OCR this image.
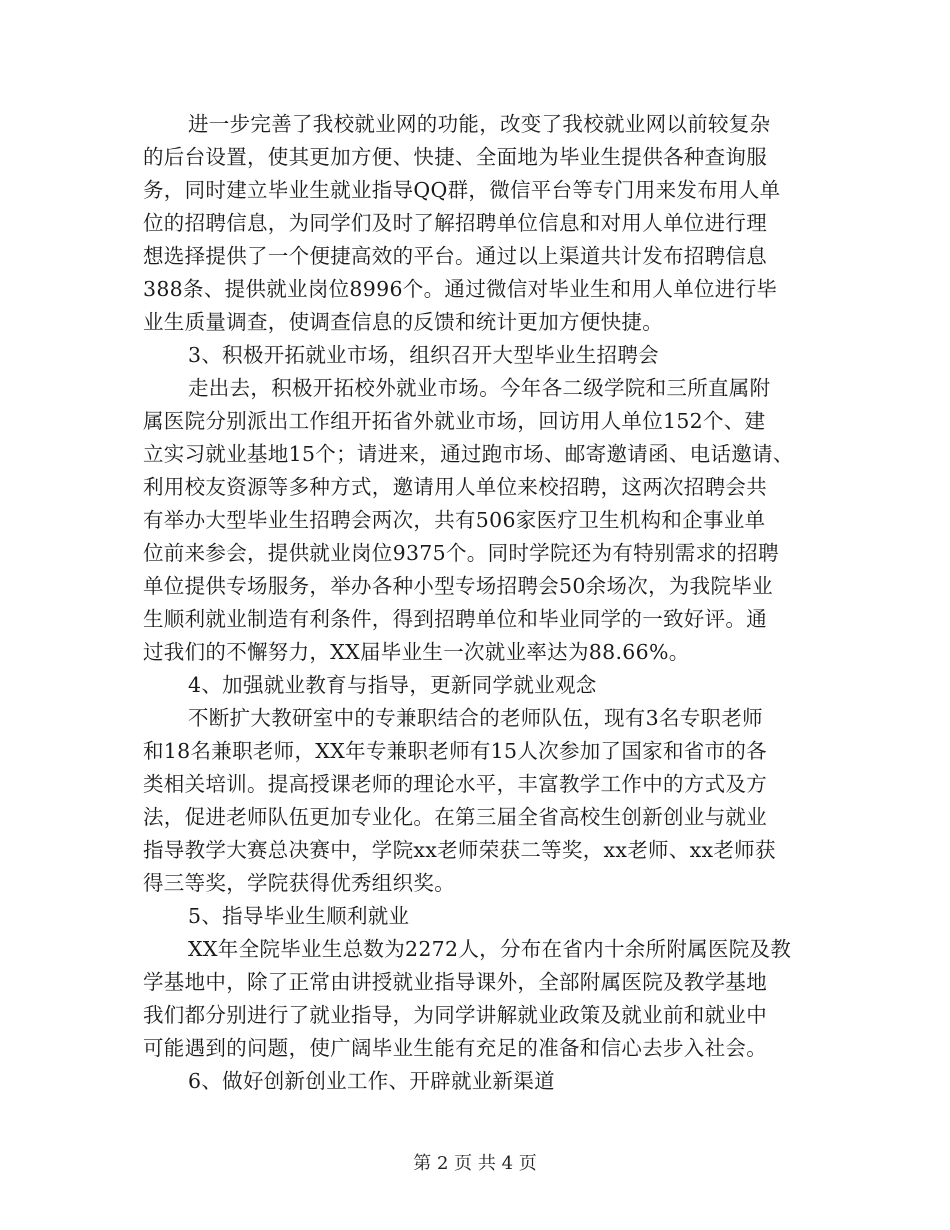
进一步完善了我校就业网的功能，改变了我校就业网以前较复杂
的后台设置，使其更加方便、快捷、全面地为毕业生提供各种查询服
务，同时建立毕业生就业指导QQ群，微信平台等专门用来发布用人单
位的招聘信息，为同学们及时了解招聘单位信息和对用人单位进行理
想选择提供了一个便捷高效的平台。通过以上渠道共计发布招聘信息
388条、提供就业岗位8996个。通过微信对毕业生和用人单位进行毕
业生质量调查，使调查信息的反馈和统计更加方便快捷。
3、积极开拓就业市场，组织召开大型毕业生招聘会
走出去，积极开拓校外就业市场。今年各二级学院和三所直属附
属医院分别派出工作组开拓省外就业市场，回访用人单位152个、建
立实习就业基地15个；请进来，通过跑市场、邮寄邀请函、电话邀请、
利用校友资源等多种方式，邀请用人单位来校招聘，这两次招聘会共
有举办大型毕业生招聘会两次，共有506家医疗卫生机构和企事业单
位前来参会，提供就业岗位9375个。同时学院还为有特别需求的招聘
单位提供专场服务，举办各种小型专场招聘会50余场次，为我院毕业
生顺利就业制造有利条件，得到招聘单位和毕业同学的一致好评。通
过我们的不懈努力，XX届毕业生一次就业率达为88.66%。
4、加强就业教育与指导，更新同学就业观念
不断扩大教研室中的专兼职结合的老师队伍，现有3名专职老师
和18名兼职老师，XX年专兼职老师有15人次参加了国家和省市的各
类相关培训。提高授课老师的理论水平，丰富教学工作中的方式及方
法，促进老师队伍更加专业化。在第三届全省高校生创新创业与就业
指导教学大赛总决赛中，学院xx老师荣获二等奖，xx老师、xx老师获
得三等奖，学院获得优秀组织奖。
5、指导毕业生顺利就业
XX年全院毕业生总数为2272人，分布在省内十余所附属医院及教
学基地中，除了正常由讲授就业指导课外，全部附属医院及教学基地
我们都分别进行了就业指导，为同学讲解就业政策及就业前和就业中
可能遇到的问题，使广阔毕业生能有充足的准备和信心去步入社会。
6、做好创新创业工作、开辟就业新渠道
第 2 页 共 4 页
